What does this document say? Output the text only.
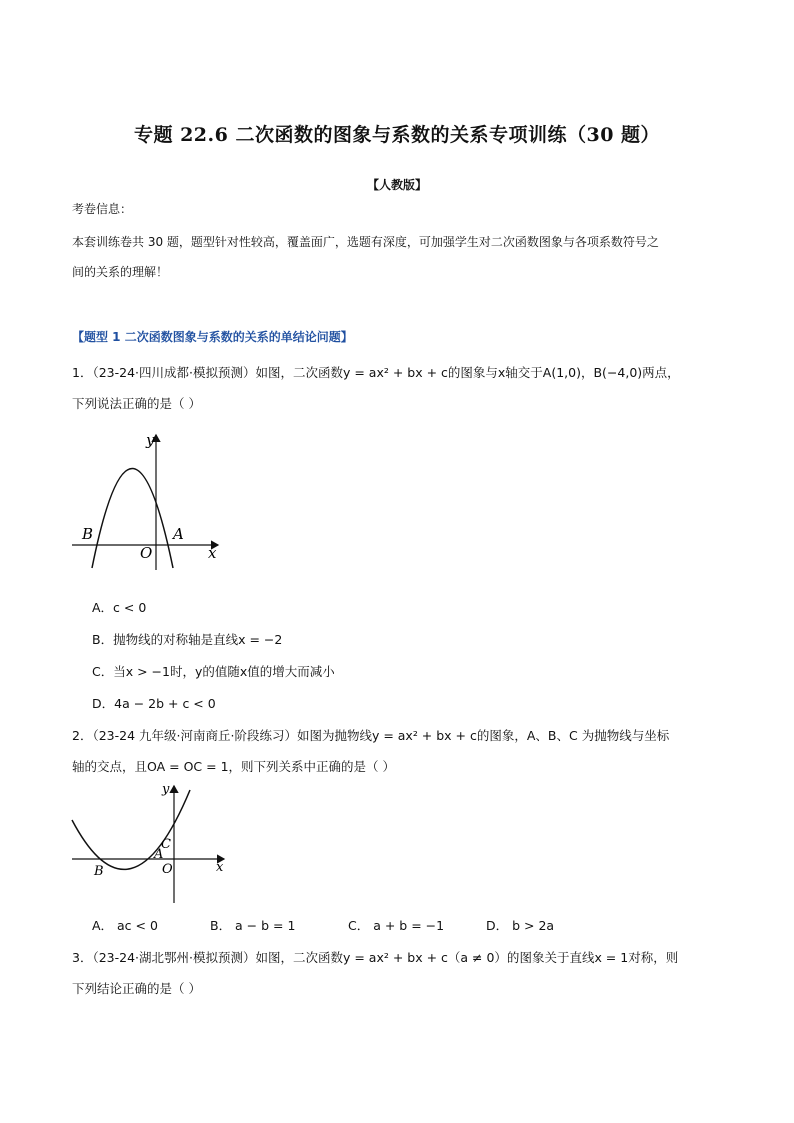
专题 22.6 二次函数的图象与系数的关系专项训练（30 题）
【人教版】
考卷信息：
本套训练卷共 30 题，题型针对性较高，覆盖面广，选题有深度，可加强学生对二次函数图象与各项系数符号之
间的关系的理解！
【题型 1 二次函数图象与系数的关系的单结论问题】
1．（23-24·四川成都·模拟预测）如图，二次函数y = ax² + bx + c的图象与x轴交于A(1,0)，B(−4,0)两点，
下列说法正确的是（ ）
y
x
O
A
B
A．c < 0
B．抛物线的对称轴是直线x = −2
C．当x > −1时，y的值随x值的增大而减小
D．4a − 2b + c < 0
2．（23-24 九年级·河南商丘·阶段练习）如图为抛物线y = ax² + bx + c的图象，A、B、C 为抛物线与坐标
轴的交点，且OA = OC = 1，则下列关系中正确的是（ ）
y
x
O
A
B
C
A． ac < 0	B． a − b = 1	C． a + b = −1	D． b > 2a
3．（23-24·湖北鄂州·模拟预测）如图，二次函数y = ax² + bx + c（a ≠ 0）的图象关于直线x = 1对称，则
下列结论正确的是（ ）
